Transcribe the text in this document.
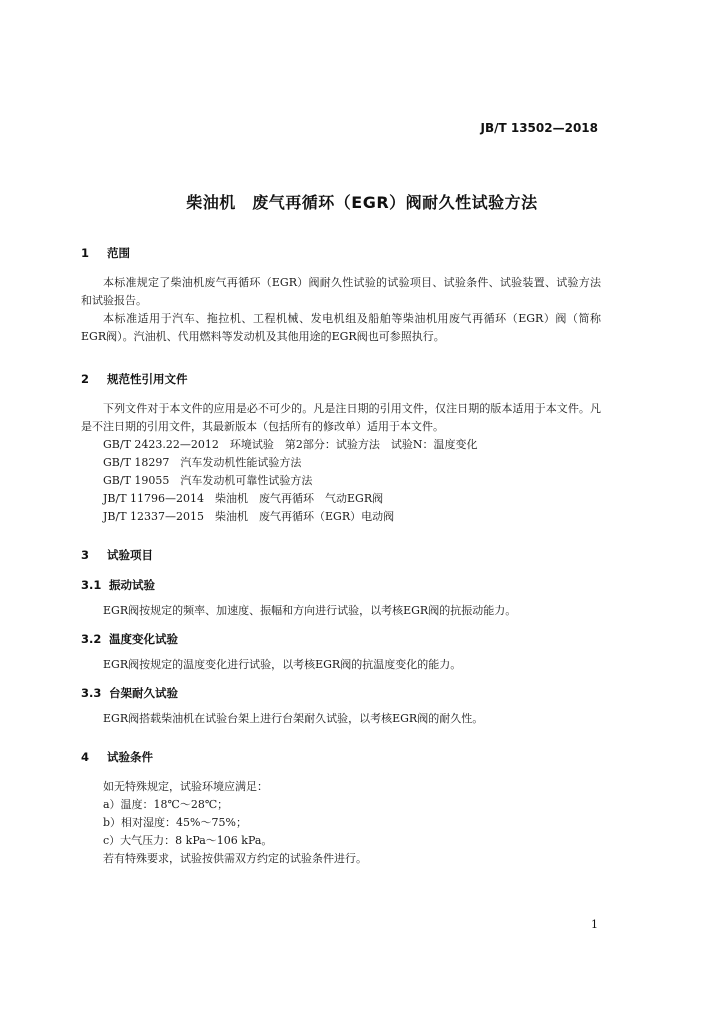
JB/T 13502—2018
柴油机　废气再循环（EGR）阀耐久性试验方法
1 范围

本标准规定了柴油机废气再循环（EGR）阀耐久性试验的试验项目、试验条件、试验装置、试验方法和试验报告。

本标准适用于汽车、拖拉机、工程机械、发电机组及船舶等柴油机用废气再循环（EGR）阀（简称EGR阀）。汽油机、代用燃料等发动机及其他用途的EGR阀也可参照执行。

2 规范性引用文件

下列文件对于本文件的应用是必不可少的。凡是注日期的引用文件，仅注日期的版本适用于本文件。凡是不注日期的引用文件，其最新版本（包括所有的修改单）适用于本文件。

GB/T 2423.22—2012　环境试验　第2部分：试验方法　试验N：温度变化

GB/T 18297　汽车发动机性能试验方法

GB/T 19055　汽车发动机可靠性试验方法

JB/T 11796—2014　柴油机　废气再循环　气动EGR阀

JB/T 12337—2015　柴油机　废气再循环（EGR）电动阀

3 试验项目
3.1 振动试验

EGR阀按规定的频率、加速度、振幅和方向进行试验，以考核EGR阀的抗振动能力。

3.2 温度变化试验

EGR阀按规定的温度变化进行试验，以考核EGR阀的抗温度变化的能力。

3.3 台架耐久试验

EGR阀搭载柴油机在试验台架上进行台架耐久试验，以考核EGR阀的耐久性。

4 试验条件

如无特殊规定，试验环境应满足：

a）温度：18℃～28℃；

b）相对湿度：45%～75%；

c）大气压力：8 kPa～106 kPa。

若有特殊要求，试验按供需双方约定的试验条件进行。

1
